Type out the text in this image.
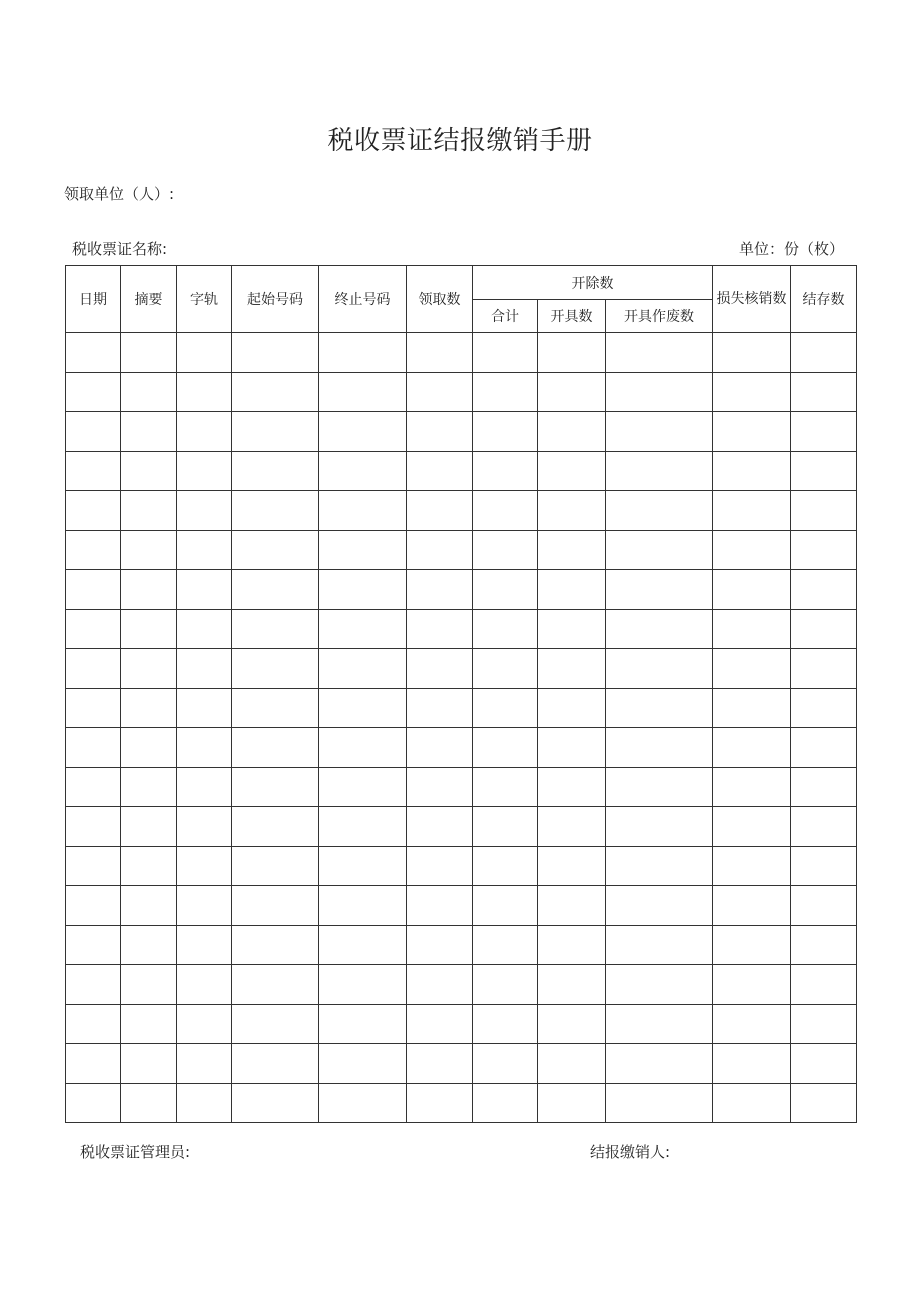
税收票证结报缴销手册
领取单位（人）:
税收票证名称:	单位：份（枚）
日期	摘要	字轨	起始号码	终止号码	领取数	开除数			损失核销数	结存数
						合计	开具数	开具作废数		

税收票证管理员:	结报缴销人:
